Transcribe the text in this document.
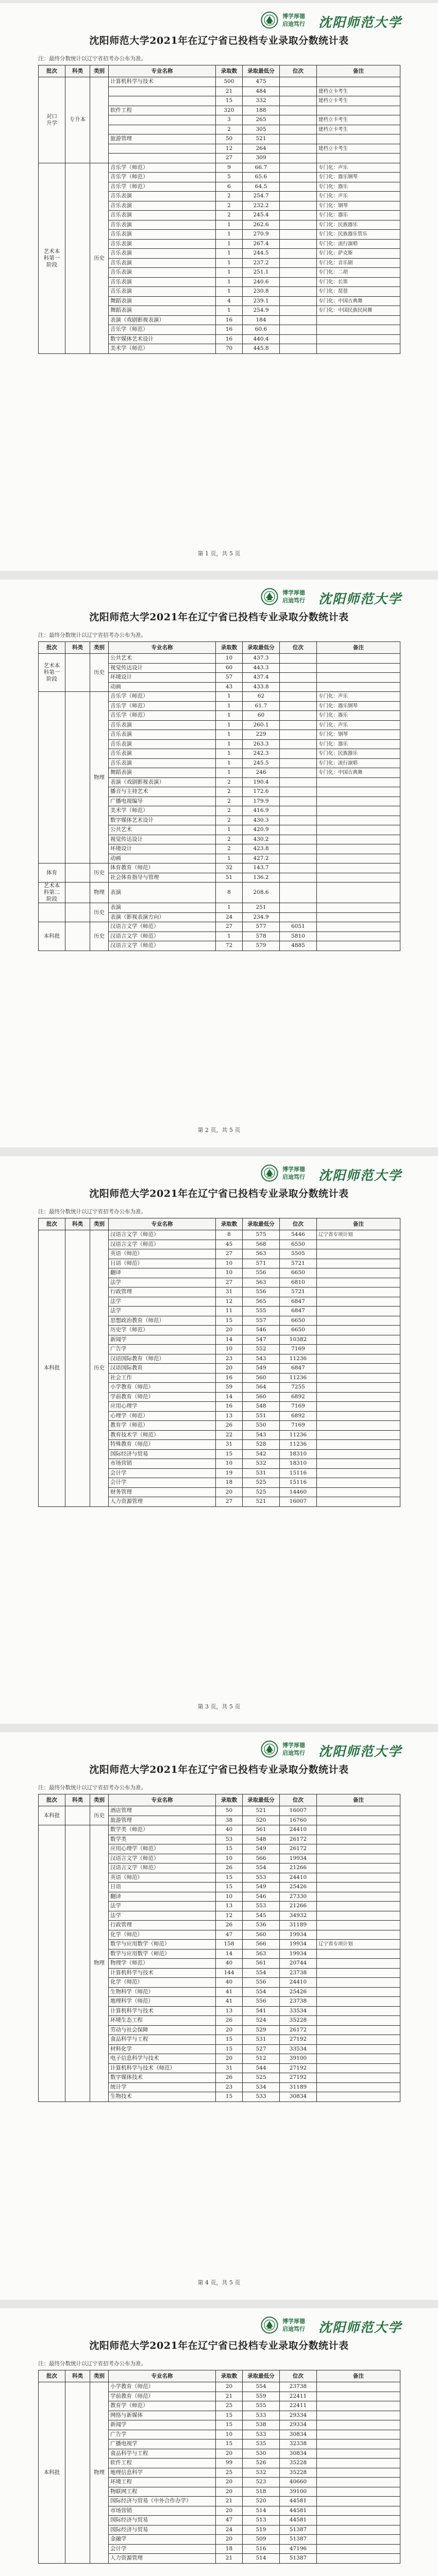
博学厚德
启迪笃行	沈阳师范大学
沈阳师范大学2021年在辽宁省已投档专业录取分数统计表
注：最终分数统计以辽宁省招考办公布为准。
批次	科类	类别	专业名称	录取数	录取最低分	位次	备注
对口
升学	专升本		计算机科学与技术	500	475		
				21	484		建档立卡考生
				15	332		建档立卡考生
			软件工程	320	188		
				3	265		建档立卡考生
				2	305		建档立卡考生
			旅游管理	50	521		
				12	264		建档立卡考生
				27	309		
艺术本
科第一
阶段		历史	音乐学（师范）	9	66.7		专门化：声乐
			音乐学（师范）	5	65.6		专门化：器乐钢琴
			音乐学（师范）	6	64.5		专门化：器乐
			音乐表演	2	254.7		专门化：声乐
			音乐表演	2	232.2		专门化：钢琴
			音乐表演	2	245.4		专门化：器乐
			音乐表演	1	262.6		专门化：民族器乐
			音乐表演	1	270.9		专门化：民族器乐管乐
			音乐表演	1	267.4		专门化：流行演唱
			音乐表演	1	244.5		专门化：萨克斯
			音乐表演	1	237.2		专门化：音乐剧
			音乐表演	1	251.1		专门化：二胡
			音乐表演	1	240.6		专门化：长笛
			音乐表演	1	230.8		专门化：琵琶
			舞蹈表演	4	239.1		专门化：中国古典舞
			舞蹈表演	1	254.9		专门化：中国民族民间舞
			表演（戏剧影视表演）	16	184		
			音乐学（师范）	16	60.6		
			数字媒体艺术设计	16	440.4		
			美术学（师范）	70	445.8		
第 1 页，共 5 页
博学厚德
启迪笃行	沈阳师范大学
沈阳师范大学2021年在辽宁省已投档专业录取分数统计表
注：最终分数统计以辽宁省招考办公布为准。
批次	科类	类别	专业名称	录取数	录取最低分	位次	备注
艺术本
科第一
阶段		历史	公共艺术	10	437.3		
			视觉传达设计	60	443.3		
			环境设计	57	437.4		
			动画	43	433.8		
		物理	音乐学（师范）	1	62		专门化：声乐
			音乐学（师范）	1	61.7		专门化：器乐钢琴
			音乐学（师范）	1	60		专门化：器乐
			音乐表演	1	260.1		专门化：声乐
			音乐表演	1	229		专门化：钢琴
			音乐表演	1	263.3		专门化：器乐
			音乐表演	1	242.3		专门化：民族器乐
			音乐表演	1	245.5		专门化：流行演唱
			舞蹈表演	1	246		专门化：中国古典舞
			表演（戏剧影视表演）	2	190.4		
			播音与主持艺术	2	172.6		
			广播电视编导	2	179.9		
			美术学（师范）	2	416.9		
			数字媒体艺术设计	2	430.3		
			公共艺术	1	420.9		
			视觉传达设计	2	430.2		
			环境设计	2	423.8		
			动画	1	427.2		
体育		历史	体育教育（师范）	32	143.7		
			社会体育指导与管理	51	136.2		
艺术本
科第二
阶段		物理	表演	8	208.6		
		历史	表演	1	251		
			表演（影视表演方向）	24	234.9		
本科批		历史	汉语言文学（师范）	27	577	6051	
			汉语言文学（师范）	1	578	5810	
			汉语言文学（师范）	72	579	4885	
第 2 页，共 5 页
博学厚德
启迪笃行	沈阳师范大学
沈阳师范大学2021年在辽宁省已投档专业录取分数统计表
注：最终分数统计以辽宁省招考办公布为准。
批次	科类	类别	专业名称	录取数	录取最低分	位次	备注
本科批		历史	汉语言文学（师范）	8	575	5446	辽宁省专项计划
			汉语言文学（师范）	45	568	6550	
			英语（师范）	27	563	5505	
			日语（师范）	10	571	5721	
			翻译	10	556	6650	
			法学	27	563	6810	
			行政管理	31	556	5721	
			法学	12	565	6847	
			法学	11	555	6847	
			思想政治教育（师范）	15	557	6650	
			历史学（师范）	20	546	6650	
			新闻学	14	547	10382	
			广告学	10	552	7169	
			汉语国际教育（师范）	23	543	11236	
			汉语国际教育	20	549	6847	
			社会工作	16	560	11236	
			小学教育（师范）	59	564	7255	
			学前教育（师范）	14	560	6892	
			应用心理学	16	548	7169	
			心理学（师范）	13	551	6892	
			教育学（师范）	26	550	7169	
			教育技术学（师范）	22	543	11236	
			特殊教育（师范）	31	528	11236	
			国际经济与贸易	15	542	18310	
			市场营销	10	532	18310	
			会计学	19	531	15116	
			会计学	18	525	15116	
			财务管理	20	525	14460	
			人力资源管理	27	521	16007	
第 3 页，共 5 页
博学厚德
启迪笃行	沈阳师范大学
沈阳师范大学2021年在辽宁省已投档专业录取分数统计表
注：最终分数统计以辽宁省招考办公布为准。
批次	科类	类别	专业名称	录取数	录取最低分	位次	备注
本科批		历史	酒店管理	50	521	16007	
			旅游管理	38	520	16760	
		物理	数学类（师范）	40	561	24410	
			数学类	53	548	26172	
			应用心理学（师范）	15	549	26172	
			汉语言文学（师范）	10	566	19934	
			汉语言文学（师范）	26	554	21266	
			英语（师范）	15	553	24410	
			日语	15	549	25426	
			翻译	10	546	27330	
			法学	13	553	21266	
			法学	12	545	34932	
			行政管理	26	536	31189	
			化学（师范）	47	560	19934	
			数学与应用数学（师范）	158	566	19934	辽宁省专项计划
			数学与应用数学（师范）	14	563	19934	
			物理学（师范）	40	561	20744	
			计算机科学与技术	144	554	23738	
			化学（师范）	40	556	24410	
			生物科学（师范）	41	554	25426	
			地理科学（师范）	41	556	23738	
			计算机科学与技术	13	541	33534	
			环境生态工程	26	524	35228	
			劳动与社会保障	20	529	26172	
			食品科学与工程	15	531	27192	
			材料化学	15	527	33534	
			电子信息科学与技术	20	512	39100	
			计算机科学与技术（师范）	31	544	27192	
			数字媒体技术	26	525	27192	
			统计学	23	534	31189	
			生物技术	15	533	30834	
第 4 页，共 5 页
博学厚德
启迪笃行	沈阳师范大学
沈阳师范大学2021年在辽宁省已投档专业录取分数统计表
注：最终分数统计以辽宁省招考办公布为准。
批次	科类	类别	专业名称	录取数	录取最低分	位次	备注
本科批		物理	小学教育（师范）	20	554	23738	
			学前教育（师范）	21	559	22411	
			教育学（师范）	25	555	22411	
			网络与新媒体	15	533	29334	
			新闻学	15	538	29334	
			广告学	10	533	30834	
			广播电视学	15	535	32338	
			食品科学与工程	20	530	30834	
			软件工程	99	526	35228	
			地理信息科学	25	532	35228	
			环境工程	20	523	40660	
			物联网工程	20	518	39100	
			国际经济与贸易（中外合作办学）	21	520	44581	
			市场营销	20	514	44581	
			国际经济与贸易	47	513	44581	
			国际经济与贸易	24	519	51387	
			金融学	20	509	51387	
			会计学	18	516	47196	
			人力资源管理	21	514	51387	
